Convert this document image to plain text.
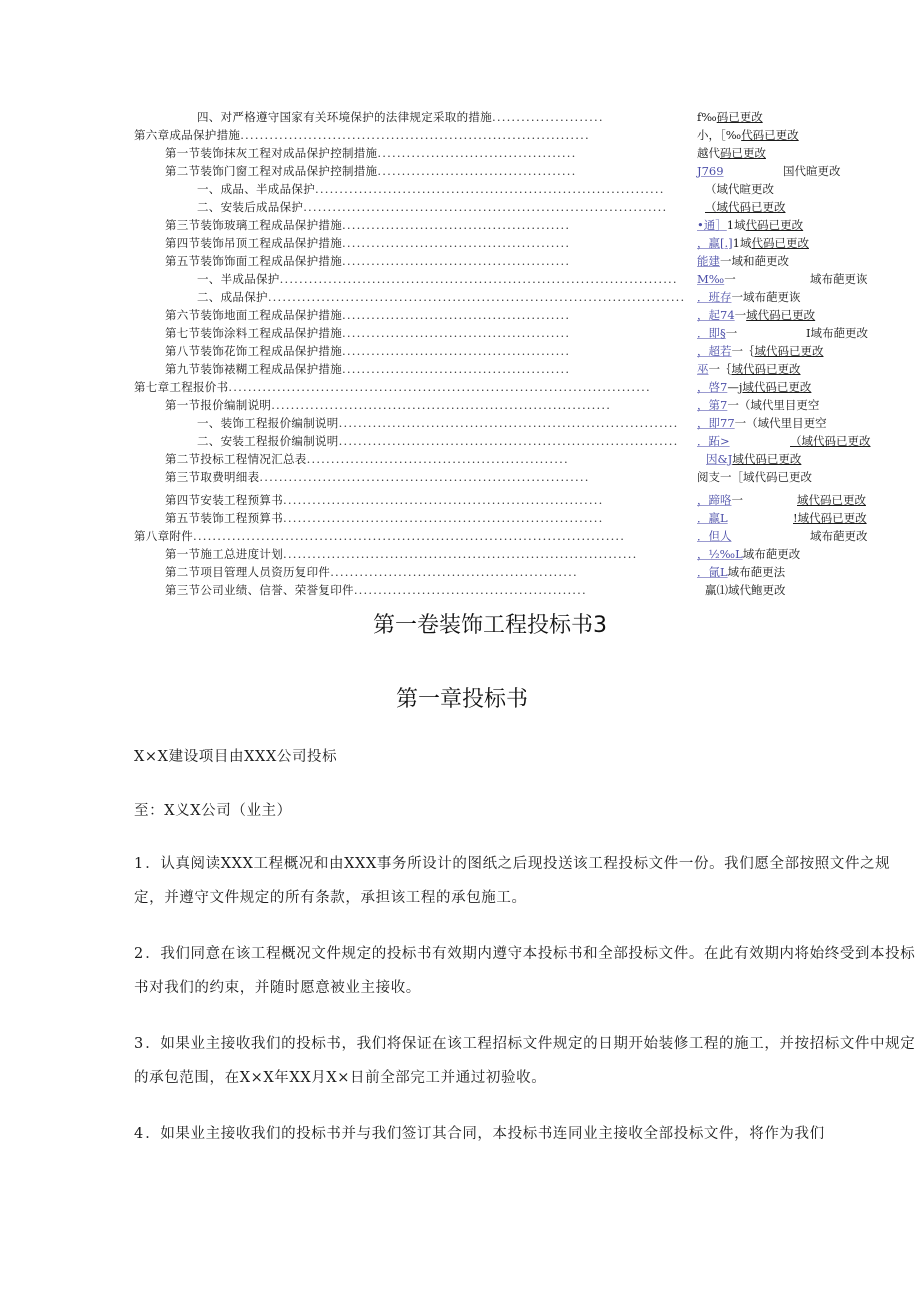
四、对严格遵守国家有关环境保护的法律规定采取的措施.......................	f‰码已更改
第六章成品保护措施........................................................................	小，［‰代码已更改
第一节装饰抹灰工程对成品保护控制措施.........................................	越代码已更改
第二节装饰门窗工程对成品保护控制措施.........................................	J769	国代暄更改
一、成品、半成品保护........................................................................	（域代暄更改
二、安装后成品保护...........................................................................	（域代码已更改
第三节装饰玻璃工程成品保护措施...............................................	•通］1域代码已更改
第四节装饰吊顶工程成品保护措施...............................................	，赢[.]1域代码已更改
第五节装饰饰面工程成品保护措施...............................................	能建一域和葩更改
一、半成品保护..................................................................................	M‰一	域布葩更诙
二、成品保护......................................................................................	．班存一域布葩更诙
第六节装饰地面工程成品保护措施...............................................	，起74一域代码已更改
第七节装饰涂料工程成品保护措施...............................................	．即§一	I域布葩更改
第八节装饰花饰工程成品保护措施...............................................	，超若一｛域代码已更改
第九节装饰裱糊工程成品保护措施...............................................	巫一｛域代码已更改
第七章工程报价书.......................................................................................	，啓7—j域代码已更改
第一节报价编制说明......................................................................	，第7一（域代里目更空
一、装饰工程报价编制说明......................................................................	，即77一（域代里目更空
二、安装工程报价编制说明......................................................................	．跖>	（域代码已更改
第二节投标工程情况汇总表......................................................	因&J域代码已更改
第三节取费明细表....................................................................	阅支一［域代码已更改
第四节安装工程预算书..................................................................	，蹄咯一	域代码已更改
第五节装饰工程预算书..................................................................	．赢L	!域代码已更改
第八章附件.........................................................................................	．但人	域布葩更改
第一节施工总进度计划.........................................................................	，½‰L域布葩更改
第二节项目管理人员资历复印件...................................................	．氤L域布葩更法
第三节公司业绩、信誉、荣誉复印件................................................	赢⑴域代鲍更改
第一卷装饰工程投标书3
第一章投标书
X×X建设项目由XXX公司投标
至：X义X公司（业主）
1．认真阅读XXX工程概况和由XXX事务所设计的图纸之后现投送该工程投标文件一份。我们愿全部按照文件之规定，并遵守文件规定的所有条款，承担该工程的承包施工。
2．我们同意在该工程概况文件规定的投标书有效期内遵守本投标书和全部投标文件。在此有效期内将始终受到本投标书对我们的约束，并随时愿意被业主接收。
3．如果业主接收我们的投标书，我们将保证在该工程招标文件规定的日期开始装修工程的施工，并按招标文件中规定的承包范围，在X×X年XX月X×日前全部完工并通过初验收。
4．如果业主接收我们的投标书并与我们签订其合同，本投标书连同业主接收全部投标文件，将作为我们
